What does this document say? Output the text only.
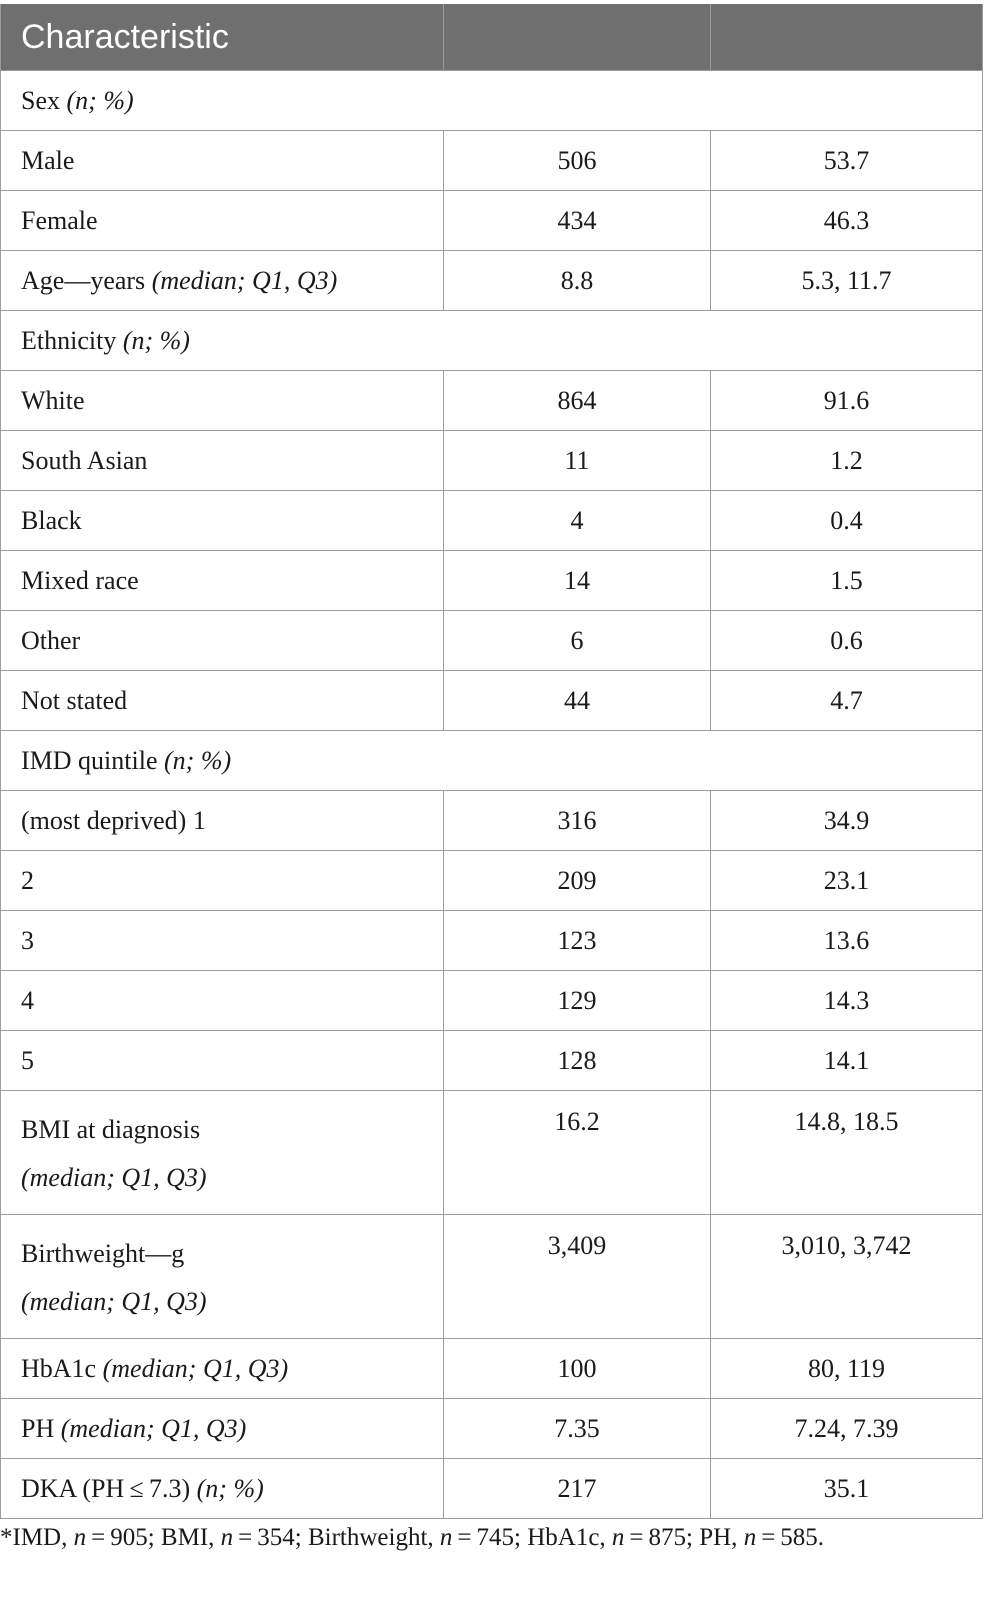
Characteristic		
Sex (n; %)		
Male	506	53.7
Female	434	46.3
Age—years (median; Q1, Q3)	8.8	5.3, 11.7
Ethnicity (n; %)		
White	864	91.6
South Asian	11	1.2
Black	4	0.4
Mixed race	14	1.5
Other	6	0.6
Not stated	44	4.7
IMD quintile (n; %)		
(most deprived) 1	316	34.9
2	209	23.1
3	123	13.6
4	129	14.3
5	128	14.1
BMI at diagnosis
(median; Q1, Q3)	16.2	14.8, 18.5
Birthweight—g
(median; Q1, Q3)	3,409	3,010, 3,742
HbA1c (median; Q1, Q3)	100	80, 119
PH (median; Q1, Q3)	7.35	7.24, 7.39
DKA (PH ≤ 7.3) (n; %)	217	35.1
*IMD, n = 905; BMI, n = 354; Birthweight, n = 745; HbA1c, n = 875; PH, n = 585.
